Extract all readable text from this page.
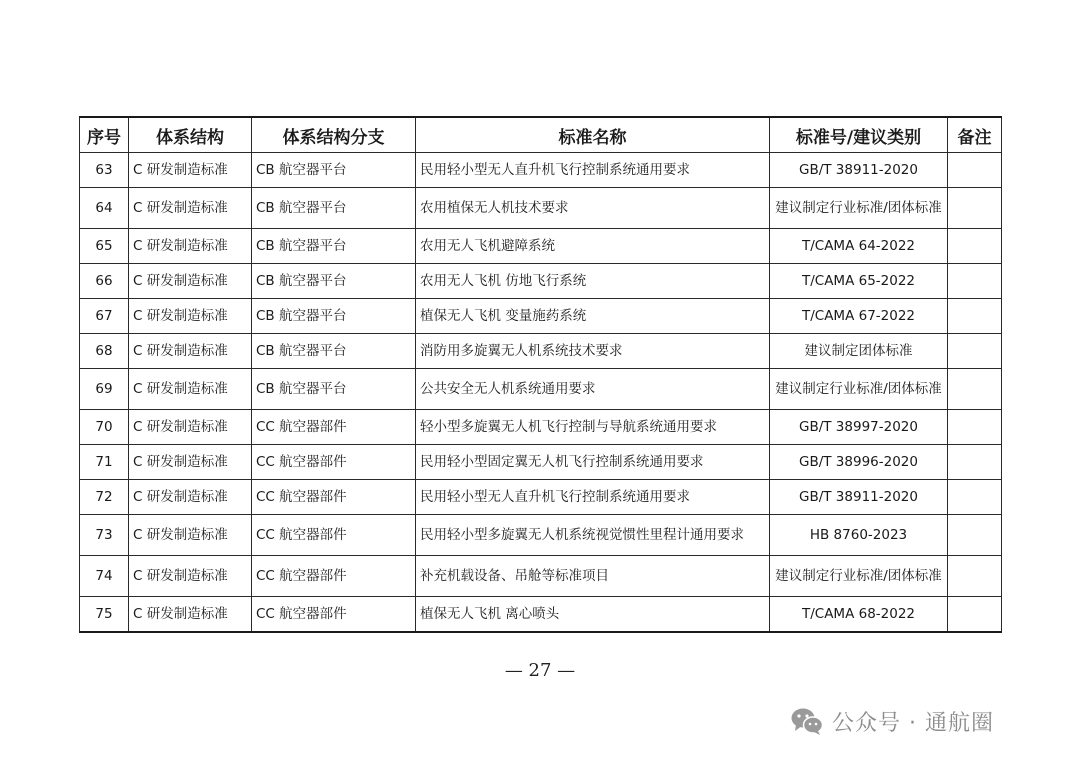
序号	体系结构	体系结构分支	标准名称	标准号/建议类别	备注
63	C 研发制造标准	CB 航空器平台	民用轻小型无人直升机飞行控制系统通用要求	GB/T 38911-2020	
64	C 研发制造标准	CB 航空器平台	农用植保无人机技术要求	建议制定行业标准/团体标准	
65	C 研发制造标准	CB 航空器平台	农用无人飞机避障系统	T/CAMA 64-2022	
66	C 研发制造标准	CB 航空器平台	农用无人飞机 仿地飞行系统	T/CAMA 65-2022	
67	C 研发制造标准	CB 航空器平台	植保无人飞机 变量施药系统	T/CAMA 67-2022	
68	C 研发制造标准	CB 航空器平台	消防用多旋翼无人机系统技术要求	建议制定团体标准	
69	C 研发制造标准	CB 航空器平台	公共安全无人机系统通用要求	建议制定行业标准/团体标准	
70	C 研发制造标准	CC 航空器部件	轻小型多旋翼无人机飞行控制与导航系统通用要求	GB/T 38997-2020	
71	C 研发制造标准	CC 航空器部件	民用轻小型固定翼无人机飞行控制系统通用要求	GB/T 38996-2020	
72	C 研发制造标准	CC 航空器部件	民用轻小型无人直升机飞行控制系统通用要求	GB/T 38911-2020	
73	C 研发制造标准	CC 航空器部件	民用轻小型多旋翼无人机系统视觉惯性里程计通用要求	HB 8760-2023	
74	C 研发制造标准	CC 航空器部件	补充机载设备、吊舱等标准项目	建议制定行业标准/团体标准	
75	C 研发制造标准	CC 航空器部件	植保无人飞机 离心喷头	T/CAMA 68-2022	
— 27 —
公众号 · 通航圈
